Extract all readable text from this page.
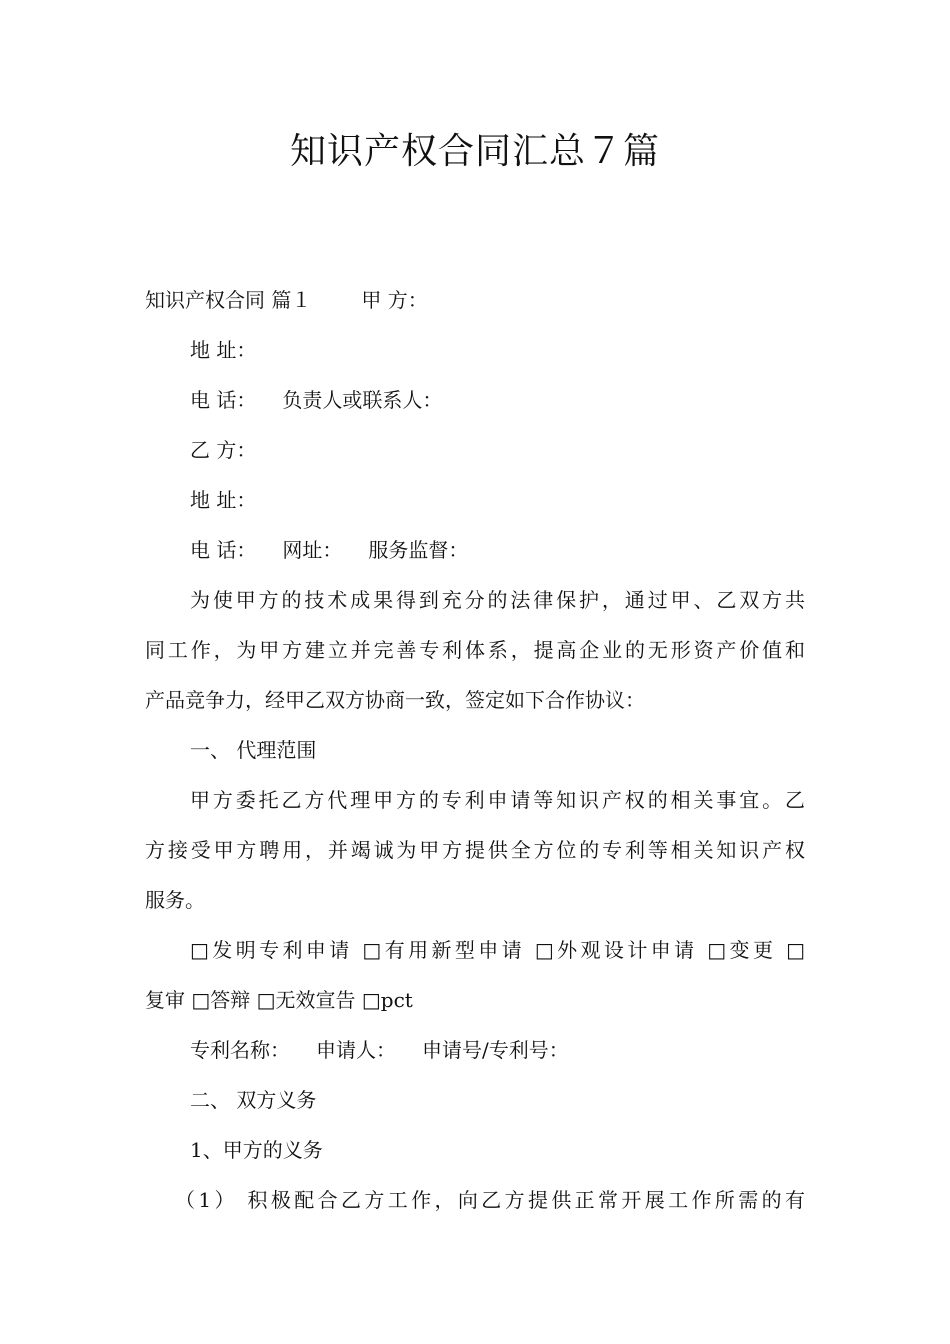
知识产权合同汇总７篇
知识产权合同 篇１	甲 方：
地 址：
电 话： 负责人或联系人：
乙 方：
地 址：
电 话： 网址： 服务监督：
为使甲方的技术成果得到充分的法律保护，通过甲、乙双方共
同工作，为甲方建立并完善专利体系，提高企业的无形资产价值和
产品竞争力，经甲乙双方协商一致，签定如下合作协议：
一、 代理范围
甲方委托乙方代理甲方的专利申请等知识产权的相关事宜。乙
方接受甲方聘用，并竭诚为甲方提供全方位的专利等相关知识产权
服务。
□发明专利申请 □有用新型申请 □外观设计申请 □变更 □
复审 □答辩 □无效宣告 □pct
专利名称： 申请人： 申请号/专利号：
二、 双方义务
1、甲方的义务
（1） 积极配合乙方工作，向乙方提供正常开展工作所需的有
